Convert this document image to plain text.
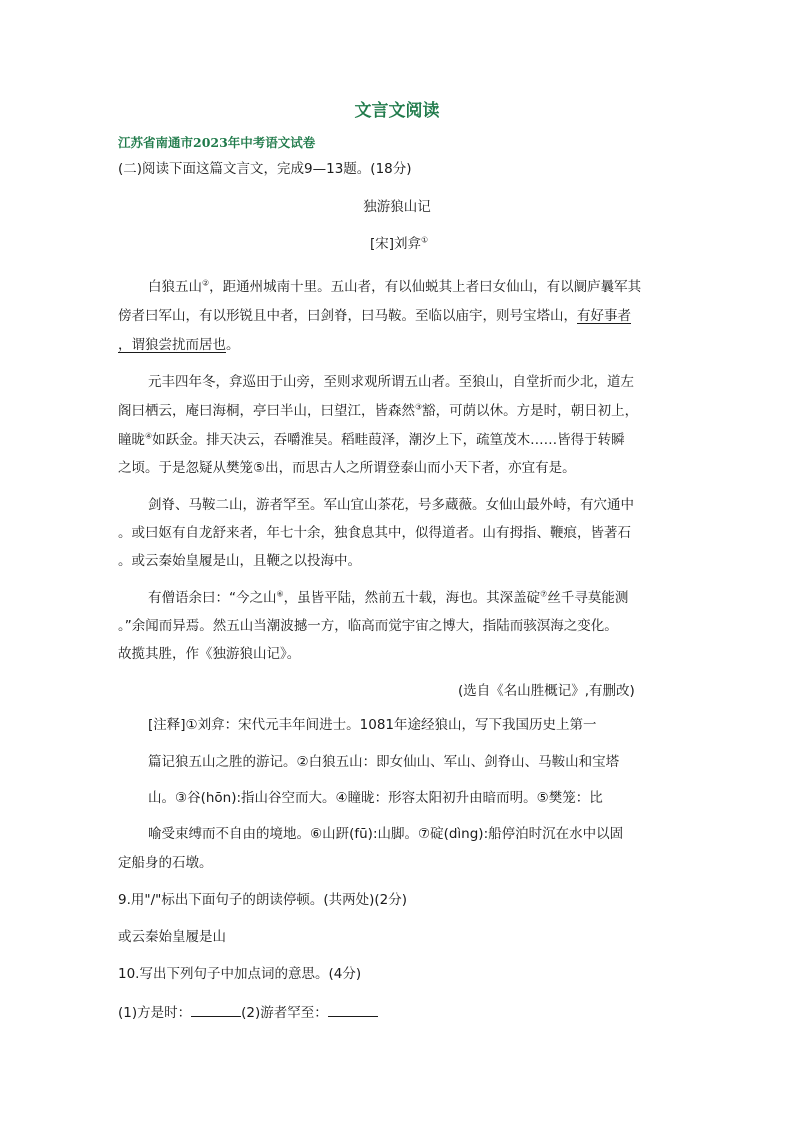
文言文阅读
江苏省南通市2023年中考语文试卷
(二)阅读下面这篇文言文，完成9—13题。(18分)
独游狼山记
[宋]刘弇①
白狼五山②，距通州城南十里。五山者，有以仙蜕其上者曰女仙山，有以阛庐曩军其
傍者曰军山，有以形锐且中者，曰剑脊，曰马鞍。至临以庙宇，则号宝塔山，有好事者
，谓狼尝扰而居也。
元丰四年冬，弇巡田于山旁，至则求观所谓五山者。至狼山，自堂折而少北，道左
阁曰栖云，庵曰海桐，亭曰半山，曰望江，皆森然③豁，可荫以休。方是时，朝日初上，
瞳昽④如跃金。排天决云，吞嚼淮吴。稻畦葭泽，潮汐上下，疏篁茂木……皆得于转瞬
之顷。于是忽疑从樊笼⑤出，而思古人之所谓登泰山而小天下者，亦宜有是。
剑脊、马鞍二山，游者罕至。军山宜山茶花，号多蔵薇。女仙山最外峙，有穴通中
。或曰妪有自龙舒来者，年七十余，独食息其中，似得道者。山有拇指、鞭痕，皆著石
。或云秦始皇履是山，且鞭之以投海中。
有僧语余曰：“今之山⑥，虽皆平陆，然前五十载，海也。其深盖碇⑦丝千寻莫能测
。”余闻而异焉。然五山当潮波撼一方，临高而觉宇宙之博大，指陆而骇溟海之变化。
故揽其胜，作《独游狼山记》。
(选自《名山胜概记》,有删改)
[注释]①刘弇：宋代元丰年间进士。1081年途经狼山，写下我国历史上第一
篇记狼五山之胜的游记。②白狼五山：即女仙山、军山、剑脊山、马鞍山和宝塔
山。③谷(hōn):指山谷空而大。④瞳昽：形容太阳初升由暗而明。⑤樊笼：比
喻受束缚而不自由的境地。⑥山趼(fū):山脚。⑦碇(dìng):船停泊时沉在水中以固
定船身的石墩。
9.用"/"标出下面句子的朗读停顿。(共两处)(2分)
或云秦始皇履是山
10.写出下列句子中加点词的意思。(4分)
(1)方是时：	(2)游者罕至：
